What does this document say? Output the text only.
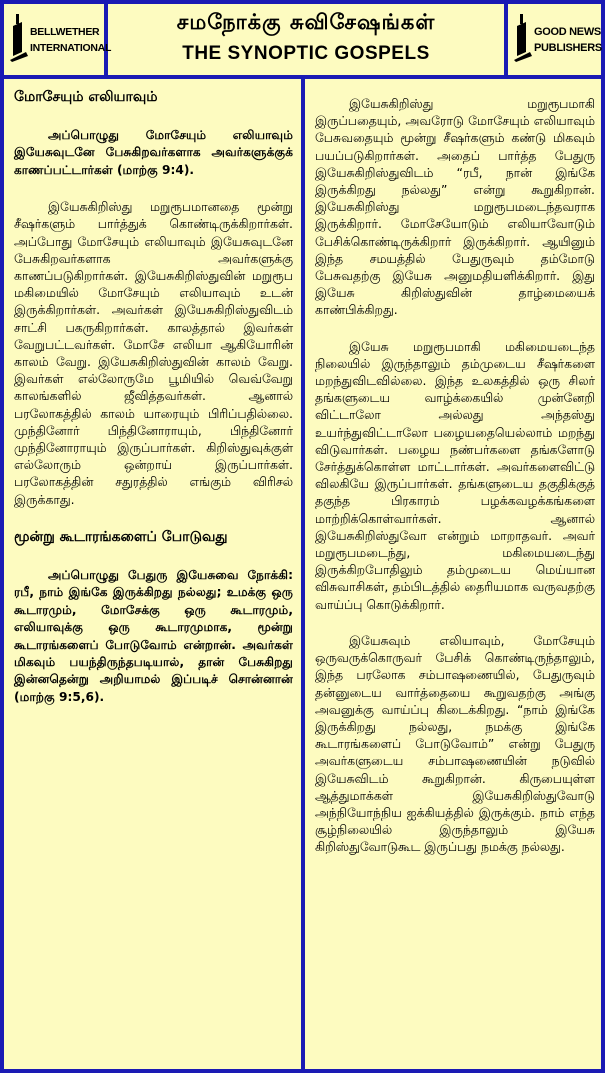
BELLWETHER
INTERNATIONAL
சமநோக்கு சுவிசேஷங்கள்
THE SYNOPTIC GOSPELS
GOOD NEWS
PUBLISHERS
மோசேயும் எலியாவும்

அப்பொழுது மோசேயும் எலியாவும் இயேசுவுடனே பேசுகிறவர்களாக அவர்களுக்குக் காணப்பட்டார்கள் (மாற்கு 9:4).

இயேசுகிறிஸ்து மறுரூபமானதை மூன்று சீஷர்களும் பார்த்துக் கொண்டிருக்கிறார்கள். அப்போது மோசேயும் எலியாவும் இயேசுவுடனே பேசுகிறவர்களாக அவர்களுக்கு காணப்படுகிறார்கள். இயேசுகிறிஸ்துவின் மறுரூப மகிமையில் மோசேயும் எலியாவும் உடன் இருக்கிறார்கள். அவர்கள் இயேசுகிறிஸ்துவிடம் சாட்சி பகருகிறார்கள். காலத்தால் இவர்கள் வேறுபட்டவர்கள். மோசே எலியா ஆகியோரின் காலம் வேறு. இயேசுகிறிஸ்துவின் காலம் வேறு. இவர்கள் எல்லோருமே பூமியில் வெவ்வேறு காலங்களில் ஜீவித்தவர்கள். ஆனால் பரலோகத்தில் காலம் யாரையும் பிரிப்பதில்லை. முந்தினோர் பிந்தினோராயும், பிந்தினோர் முந்தினோராயும் இருப்பார்கள். கிறிஸ்துவுக்குள் எல்லோரும் ஒன்றாய் இருப்பார்கள். பரலோகத்தின் சதுரத்தில் எங்கும் விரிசல் இருக்காது.

மூன்று கூடாரங்களைப் போடுவது

அப்பொழுது பேதுரு இயேசுவை நோக்கி: ரபீ, நாம் இங்கே இருக்கிறது நல்லது; உமக்கு ஒரு கூடாரமும், மோசேக்கு ஒரு கூடாரமும், எலியாவுக்கு ஒரு கூடாரமுமாக, மூன்று கூடாரங்களைப் போடுவோம் என்றான். அவர்கள் மிகவும் பயந்திருந்தபடியால், தான் பேசுகிறது இன்னதென்று அறியாமல் இப்படிச் சொன்னான் (மாற்கு 9:5,6).

இயேசுகிறிஸ்து மறுரூபமாகி இருப்பதையும், அவரோடு மோசேயும் எலியாவும் பேசுவதையும் மூன்று சீஷர்களும் கண்டு மிகவும் பயப்படுகிறார்கள். அதைப் பார்த்த பேதுரு இயேசுகிறிஸ்துவிடம் “ரபீ, நான் இங்கே இருக்கிறது நல்லது” என்று கூறுகிறான். இயேசுகிறிஸ்து மறுரூபமடைந்தவராக இருக்கிறார். மோசேயோடும் எலியாவோடும் பேசிக்கொண்டிருக்கிறார் இருக்கிறார். ஆயினும் இந்த சமயத்தில் பேதுருவும் தம்மோடு பேசுவதற்கு இயேசு அனுமதியளிக்கிறார். இது இயேசு கிறிஸ்துவின் தாழ்மையைக் காண்பிக்கிறது.

இயேசு மறுரூபமாகி மகிமையடைந்த நிலையில் இருந்தாலும் தம்முடைய சீஷர்களை மறந்துவிடவில்லை. இந்த உலகத்தில் ஒரு சிலர் தங்களுடைய வாழ்க்கையில் முன்னேறி விட்டாலோ அல்லது அந்தஸ்து உயர்ந்துவிட்டாலோ பழையதையெல்லாம் மறந்து விடுவார்கள். பழைய நண்பர்களை தங்களோடு சேர்த்துக்கொள்ள மாட்டார்கள். அவர்களைவிட்டு விலகியே இருப்பார்கள். தங்களுடைய தகுதிக்குத் தகுந்த பிரகாரம் பழக்கவழக்கங்களை மாற்றிக்கொள்வார்கள். ஆனால் இயேசுகிறிஸ்துவோ என்றும் மாறாதவர். அவர் மறுரூபமடைந்து, மகிமையடைந்து இருக்கிறபோதிலும் தம்முடைய மெய்யான விசுவாசிகள், தம்பிடத்தில் தைரியமாக வருவதற்கு வாய்ப்பு கொடுக்கிறார்.

இயேசுவும் எலியாவும், மோசேயும் ஒருவருக்கொருவர் பேசிக் கொண்டிருந்தாலும், இந்த பரலோக சம்பாஷணையில், பேதுருவும் தன்னுடைய வார்த்தையை கூறுவதற்கு அங்கு அவனுக்கு வாய்ப்பு கிடைக்கிறது. “நாம் இங்கே இருக்கிறது நல்லது, நமக்கு இங்கே கூடாரங்களைப் போடுவோம்” என்று பேதுரு அவர்களுடைய சம்பாஷணையின் நடுவில் இயேசுவிடம் கூறுகிறான். கிருபையுள்ள ஆத்துமாக்கள் இயேசுகிறிஸ்துவோடு அந்நியோந்நிய ஐக்கியத்தில் இருக்கும். நாம் எந்த சூழ்நிலையில் இருந்தாலும் இயேசு கிறிஸ்துவோடுகூட இருப்பது நமக்கு நல்லது.
